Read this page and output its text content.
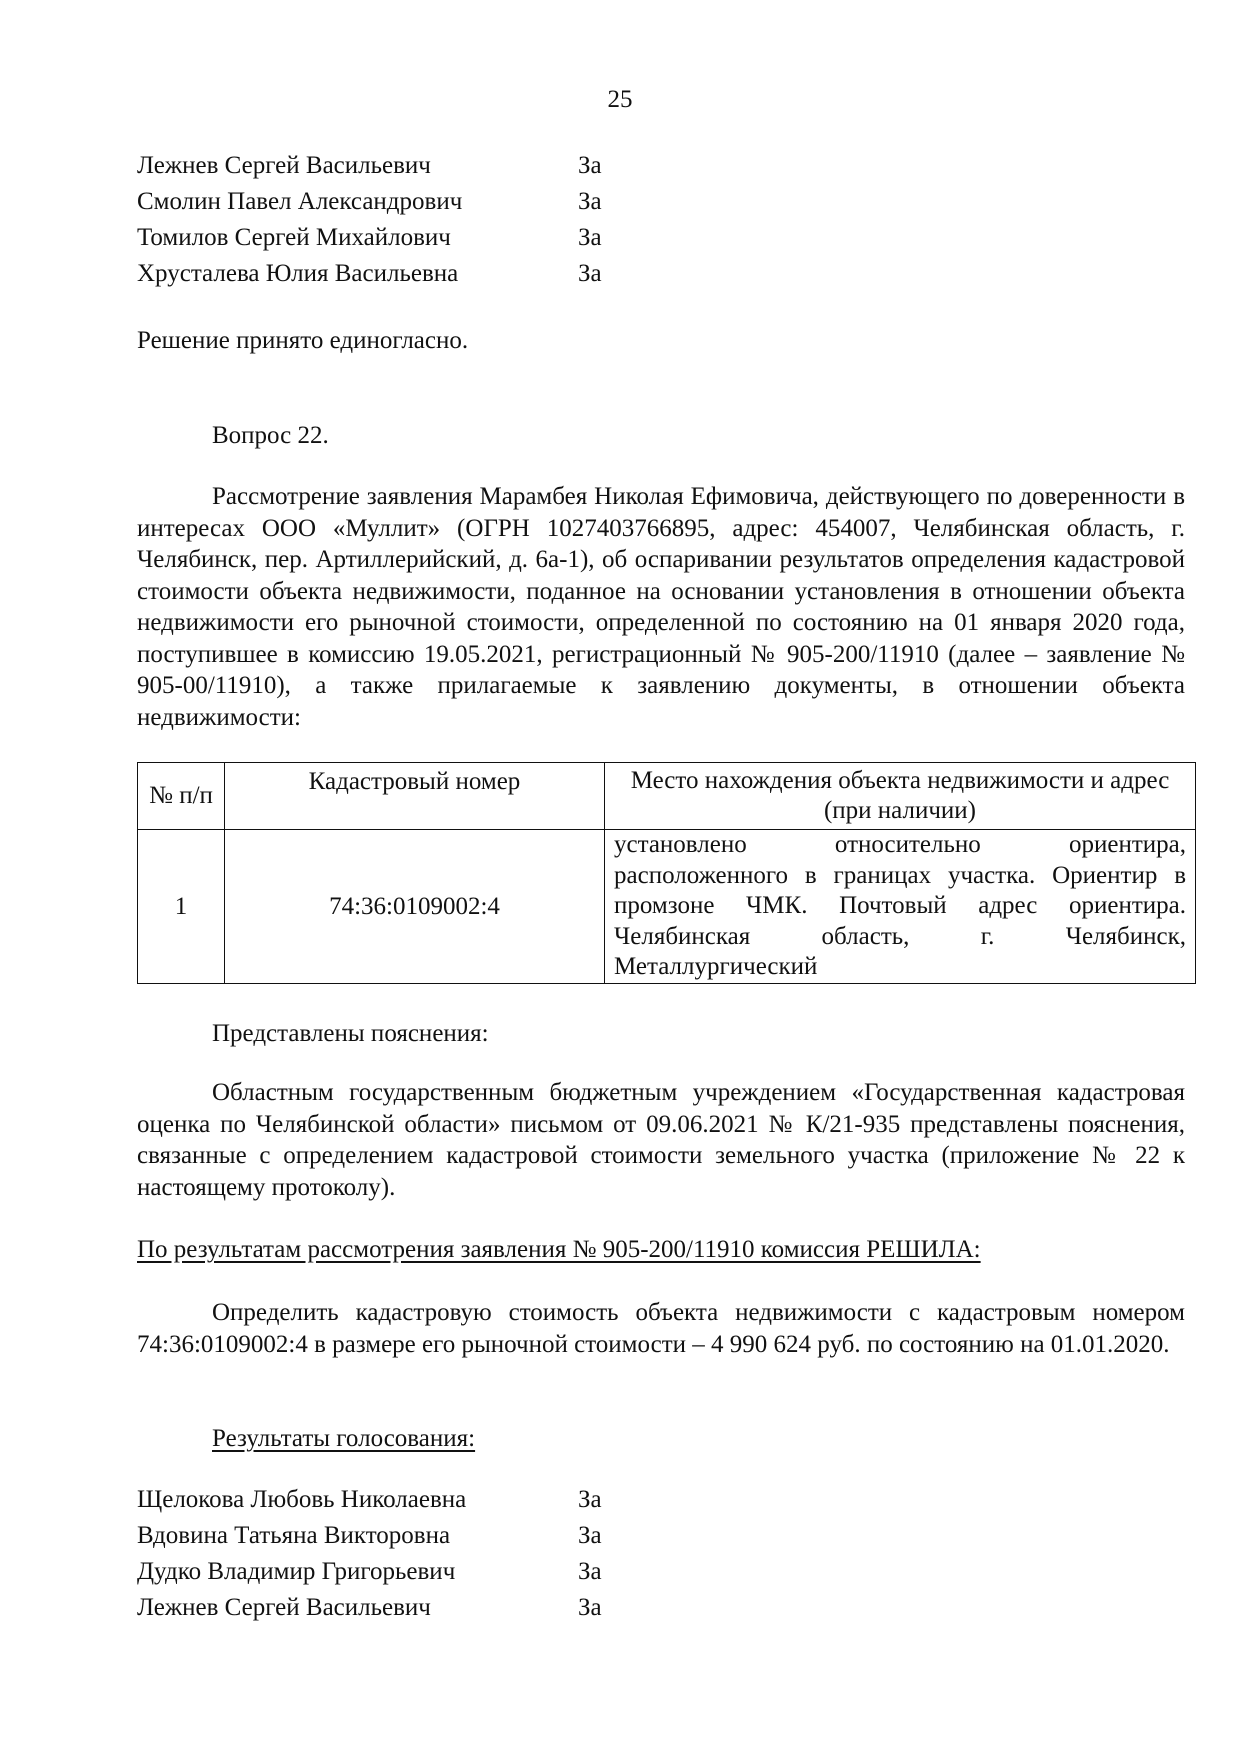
25
Лежнев Сергей Васильевич	За
Смолин Павел Александрович	За
Томилов Сергей Михайлович	За
Хрусталева Юлия Васильевна	За
Решение принято единогласно.
Вопрос 22.

Рассмотрение заявления Марамбея Николая Ефимовича, действующего по доверенности в интересах ООО «Муллит» (ОГРН 1027403766895, адрес: 454007, Челябинская область, г. Челябинск, пер. Артиллерийский, д. 6а-1), об оспаривании результатов определения кадастровой стоимости объекта недвижимости, поданное на основании установления в отношении объекта недвижимости его рыночной стоимости, определенной по состоянию на 01 января 2020 года, поступившее в комиссию 19.05.2021, регистрационный № 905-200/11910 (далее – заявление № 905-00/11910), а также прилагаемые к заявлению документы, в отношении объекта недвижимости:

№ п/п	Кадастровый номер	Место нахождения объекта недвижимости и адрес (при наличии)
1	74:36:0109002:4	установлено относительно ориентира, расположенного в границах участка. Ориентир в промзоне ЧМК. Почтовый адрес ориентира. Челябинская область, г. Челябинск, Металлургический
Представлены пояснения:

Областным государственным бюджетным учреждением «Государственная кадастровая оценка по Челябинской области» письмом от 09.06.2021 № К/21-935 представлены пояснения, связанные с определением кадастровой стоимости земельного участка (приложение № 22 к настоящему протоколу).

По результатам рассмотрения заявления № 905-200/11910 комиссия РЕШИЛА:

Определить кадастровую стоимость объекта недвижимости с кадастровым номером 74:36:0109002:4 в размере его рыночной стоимости – 4 990 624 руб. по состоянию на 01.01.2020.

Результаты голосования:
Щелокова Любовь Николаевна	За
Вдовина Татьяна Викторовна	За
Дудко Владимир Григорьевич	За
Лежнев Сергей Васильевич	За
